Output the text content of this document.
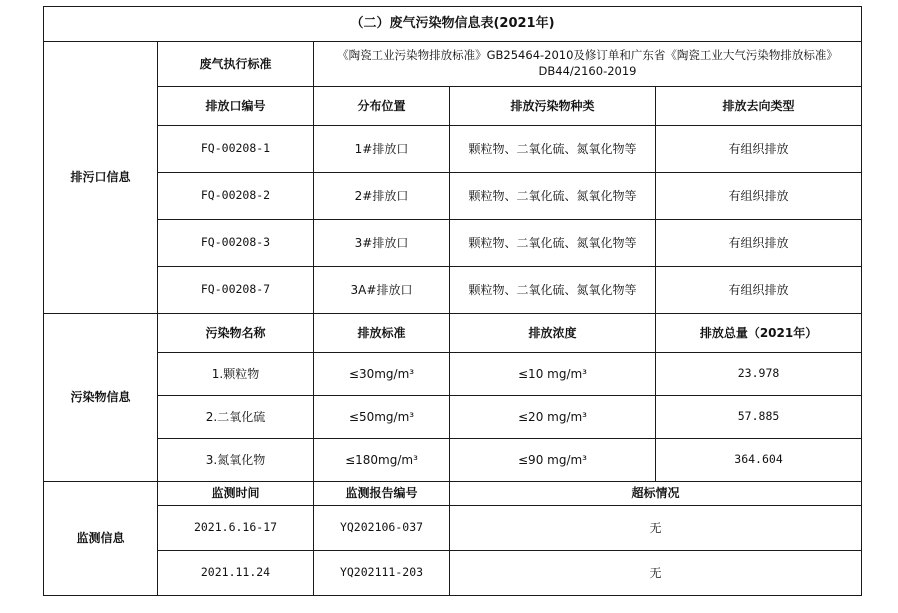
（二）废气污染物信息表(2021年)				
排污口信息	废气执行标准	《陶瓷工业污染物排放标准》GB25464-2010及修订单和广东省《陶瓷工业大气污染物排放标准》DB44/2160-2019		
	排放口编号	分布位置	排放污染物种类	排放去向类型
	FQ-00208-1	1#排放口	颗粒物、二氧化硫、氮氧化物等	有组织排放
	FQ-00208-2	2#排放口	颗粒物、二氧化硫、氮氧化物等	有组织排放
	FQ-00208-3	3#排放口	颗粒物、二氧化硫、氮氧化物等	有组织排放
	FQ-00208-7	3A#排放口	颗粒物、二氧化硫、氮氧化物等	有组织排放
污染物信息	污染物名称	排放标准	排放浓度	排放总量（2021年）
	1.颗粒物	≤30mg/m³	≤10 mg/m³	23.978
	2.二氧化硫	≤50mg/m³	≤20 mg/m³	57.885
	3.氮氧化物	≤180mg/m³	≤90 mg/m³	364.604
监测信息	监测时间	监测报告编号	超标情况	
	2021.6.16-17	YQ202106-037	无	
	2021.11.24	YQ202111-203	无	
